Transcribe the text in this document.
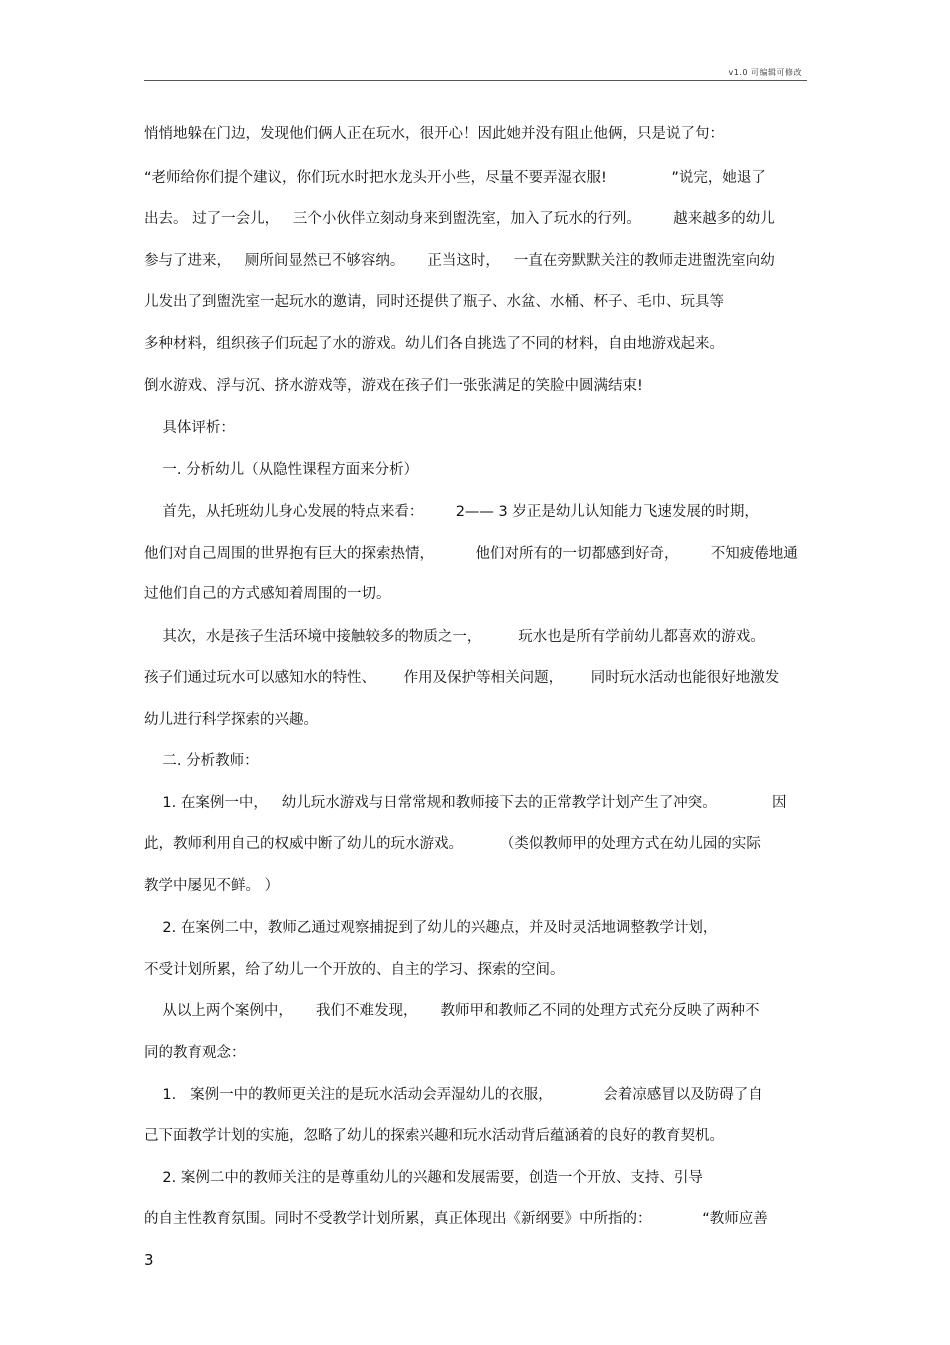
v1.0 可编辑可修改
悄悄地躲在门边，发现他们俩人正在玩水，很开心！因此她并没有阻止他俩，只是说了句：
“老师给你们提个建议，你们玩水时把水龙头开小些，尽量不要弄湿衣服!              ”说完，她退了
出去。 过了一会儿，   三个小伙伴立刻动身来到盥洗室，加入了玩水的行列。       越来越多的幼儿
参与了进来，   厕所间显然已不够容纳。     正当这时，   一直在旁默默关注的教师走进盥洗室向幼
儿发出了到盥洗室一起玩水的邀请，同时还提供了瓶子、水盆、水桶、杯子、毛巾、玩具等
多种材料，组织孩子们玩起了水的游戏。幼儿们各自挑选了不同的材料，自由地游戏起来。
倒水游戏、浮与沉、挤水游戏等，游戏在孩子们一张张满足的笑脸中圆满结束!
具体评析：
一. 分析幼儿（从隐性课程方面来分析）
首先，从托班幼儿身心发展的特点来看：       2—— 3 岁正是幼儿认知能力飞速发展的时期，
他们对自己周围的世界抱有巨大的探索热情，         他们对所有的一切都感到好奇，       不知疲倦地通
过他们自己的方式感知着周围的一切。
其次，水是孩子生活环境中接触较多的物质之一，        玩水也是所有学前幼儿都喜欢的游戏。
孩子们通过玩水可以感知水的特性、      作用及保护等相关问题，      同时玩水活动也能很好地激发
幼儿进行科学探索的兴趣。
二. 分析教师：
1. 在案例一中，   幼儿玩水游戏与日常常规和教师接下去的正常教学计划产生了冲突。            因
此，教师利用自己的权威中断了幼儿的玩水游戏。        （类似教师甲的处理方式在幼儿园的实际
教学中屡见不鲜。 ）
2. 在案例二中，教师乙通过观察捕捉到了幼儿的兴趣点，并及时灵活地调整教学计划，
不受计划所累，给了幼儿一个开放的、自主的学习、探索的空间。
从以上两个案例中，     我们不难发现，     教师甲和教师乙不同的处理方式充分反映了两种不
同的教育观念：
1.   案例一中的教师更关注的是玩水活动会弄湿幼儿的衣服，           会着凉感冒以及防碍了自
己下面教学计划的实施，忽略了幼儿的探索兴趣和玩水活动背后蕴涵着的良好的教育契机。
2. 案例二中的教师关注的是尊重幼儿的兴趣和发展需要，创造一个开放、支持、引导
的自主性教育氛围。同时不受教学计划所累，真正体现出《新纲要》中所指的：           “教师应善
3
